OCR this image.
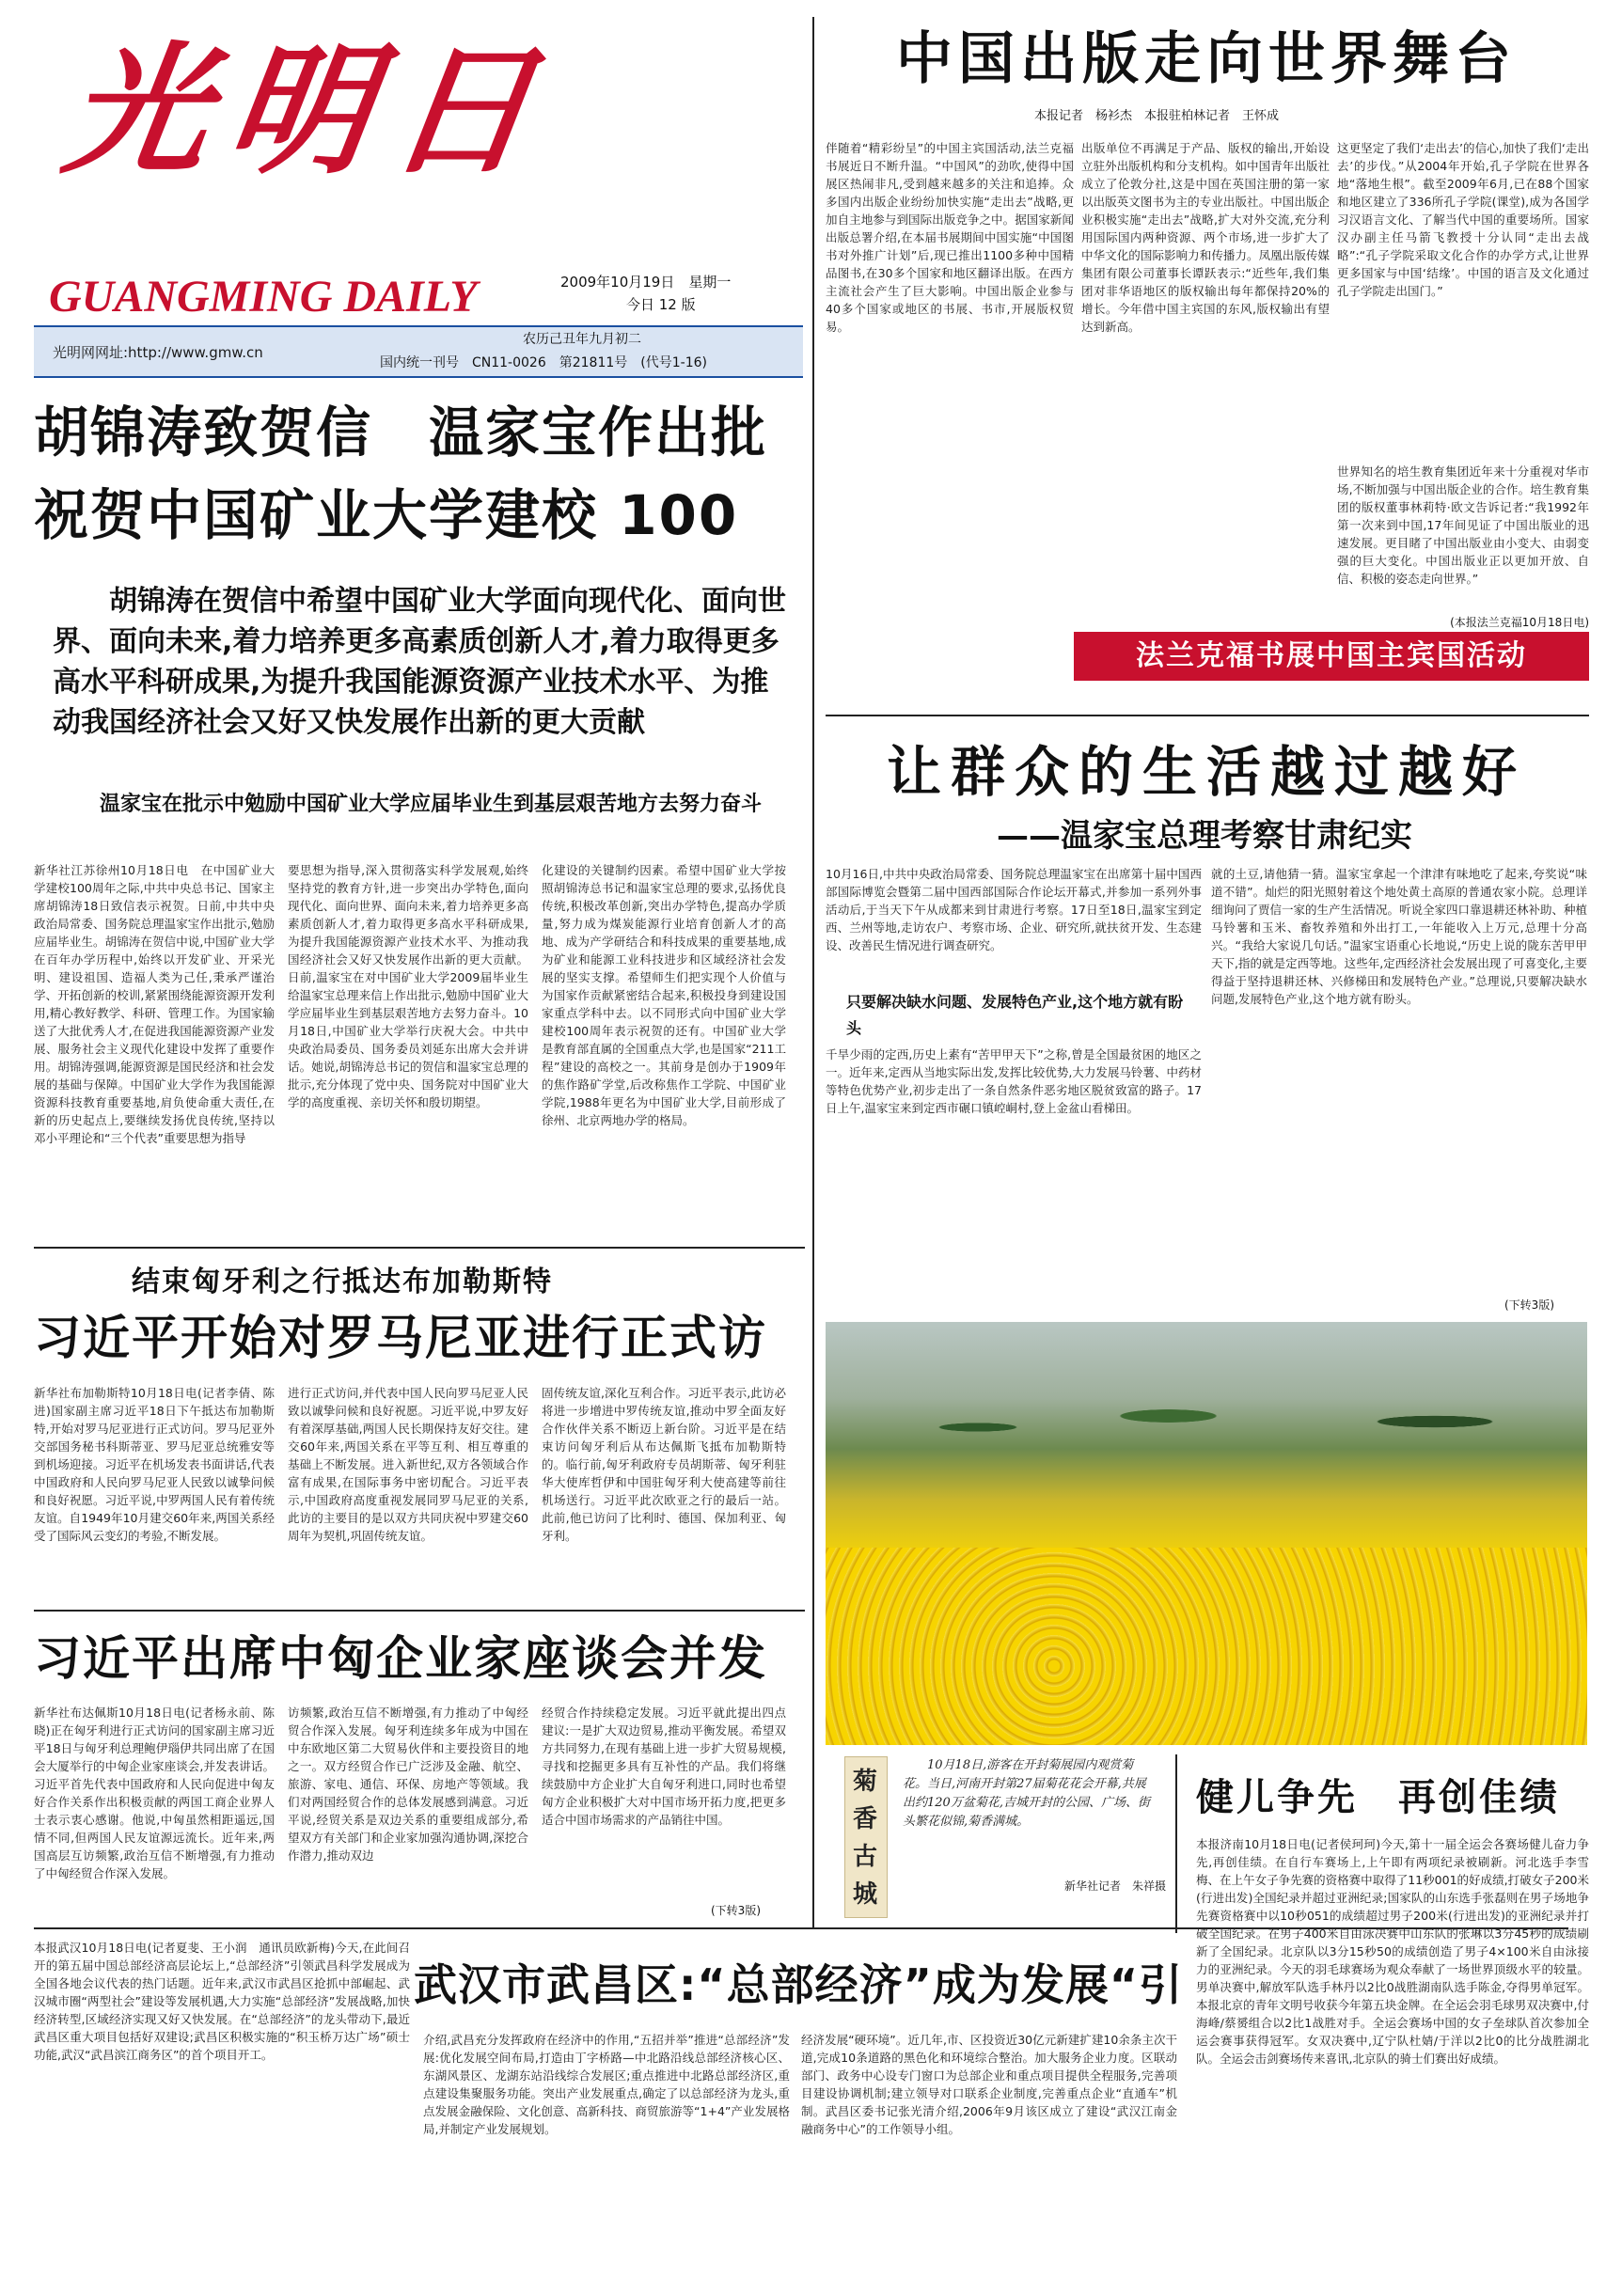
光明日報
GUANGMING DAILY	2009年10月19日　星期一
今日 12 版
光明网网址:http://www.gmw.cn
农历己丑年九月初二
国内统一刊号　CN11-0026　第21811号　(代号1-16)
胡锦涛致贺信　温家宝作出批
祝贺中国矿业大学建校 100
胡锦涛在贺信中希望中国矿业大学面向现代化、面向世界、面向未来,着力培养更多高素质创新人才,着力取得更多高水平科研成果,为提升我国能源资源产业技术水平、为推动我国经济社会又好又快发展作出新的更大贡献
温家宝在批示中勉励中国矿业大学应届毕业生到基层艰苦地方去努力奋斗
新华社江苏徐州10月18日电　在中国矿业大学建校100周年之际,中共中央总书记、国家主席胡锦涛18日致信表示祝贺。日前,中共中央政治局常委、国务院总理温家宝作出批示,勉励应届毕业生。胡锦涛在贺信中说,中国矿业大学在百年办学历程中,始终以开发矿业、开采光明、建设祖国、造福人类为己任,秉承严谨治学、开拓创新的校训,紧紧围绕能源资源开发利用,精心教好教学、科研、管理工作。为国家输送了大批优秀人才,在促进我国能源资源产业发展、服务社会主义现代化建设中发挥了重要作用。胡锦涛强调,能源资源是国民经济和社会发展的基础与保障。中国矿业大学作为我国能源资源科技教育重要基地,肩负使命重大责任,在新的历史起点上,要继续发扬优良传统,坚持以邓小平理论和“三个代表”重要思想为指导
要思想为指导,深入贯彻落实科学发展观,始终坚持党的教育方针,进一步突出办学特色,面向现代化、面向世界、面向未来,着力培养更多高素质创新人才,着力取得更多高水平科研成果,为提升我国能源资源产业技术水平、为推动我国经济社会又好又快发展作出新的更大贡献。日前,温家宝在对中国矿业大学2009届毕业生给温家宝总理来信上作出批示,勉励中国矿业大学应届毕业生到基层艰苦地方去努力奋斗。10月18日,中国矿业大学举行庆祝大会。中共中央政治局委员、国务委员刘延东出席大会并讲话。她说,胡锦涛总书记的贺信和温家宝总理的批示,充分体现了党中央、国务院对中国矿业大学的高度重视、亲切关怀和殷切期望。
化建设的关键制约因素。希望中国矿业大学按照胡锦涛总书记和温家宝总理的要求,弘扬优良传统,积极改革创新,突出办学特色,提高办学质量,努力成为煤炭能源行业培育创新人才的高地、成为产学研结合和科技成果的重要基地,成为矿业和能源工业科技进步和区域经济社会发展的坚实支撑。希望师生们把实现个人价值与为国家作贡献紧密结合起来,积极投身到建设国家重点学科中去。以不同形式向中国矿业大学建校100周年表示祝贺的还有。中国矿业大学是教育部直属的全国重点大学,也是国家“211工程”建设的高校之一。其前身是创办于1909年的焦作路矿学堂,后改称焦作工学院、中国矿业学院,1988年更名为中国矿业大学,目前形成了徐州、北京两地办学的格局。
结束匈牙利之行抵达布加勒斯特
习近平开始对罗马尼亚进行正式访
新华社布加勒斯特10月18日电(记者李倩、陈进)国家副主席习近平18日下午抵达布加勒斯特,开始对罗马尼亚进行正式访问。罗马尼亚外交部国务秘书科斯蒂亚、罗马尼亚总统雅安等到机场迎接。习近平在机场发表书面讲话,代表中国政府和人民向罗马尼亚人民致以诚挚问候和良好祝愿。习近平说,中罗两国人民有着传统友谊。自1949年10月建交60年来,两国关系经受了国际风云变幻的考验,不断发展。
进行正式访问,并代表中国人民向罗马尼亚人民致以诚挚问候和良好祝愿。习近平说,中罗友好有着深厚基础,两国人民长期保持友好交往。建交60年来,两国关系在平等互利、相互尊重的基础上不断发展。进入新世纪,双方各领域合作富有成果,在国际事务中密切配合。习近平表示,中国政府高度重视发展同罗马尼亚的关系,此访的主要目的是以双方共同庆祝中罗建交60周年为契机,巩固传统友谊。
固传统友谊,深化互利合作。习近平表示,此访必将进一步增进中罗传统友谊,推动中罗全面友好合作伙伴关系不断迈上新台阶。习近平是在结束访问匈牙利后从布达佩斯飞抵布加勒斯特的。临行前,匈牙利政府专员胡斯蒂、匈牙利驻华大使库哲伊和中国驻匈牙利大使高建等前往机场送行。习近平此次欧亚之行的最后一站。此前,他已访问了比利时、德国、保加利亚、匈牙利。
习近平出席中匈企业家座谈会并发
新华社布达佩斯10月18日电(记者杨永前、陈晓)正在匈牙利进行正式访问的国家副主席习近平18日与匈牙利总理鲍伊瑙伊共同出席了在国会大厦举行的中匈企业家座谈会,并发表讲话。习近平首先代表中国政府和人民向促进中匈友好合作关系作出积极贡献的两国工商企业界人士表示衷心感谢。他说,中匈虽然相距遥远,国情不同,但两国人民友谊源远流长。近年来,两国高层互访频繁,政治互信不断增强,有力推动了中匈经贸合作深入发展。
访频繁,政治互信不断增强,有力推动了中匈经贸合作深入发展。匈牙利连续多年成为中国在中东欧地区第二大贸易伙伴和主要投资目的地之一。双方经贸合作已广泛涉及金融、航空、旅游、家电、通信、环保、房地产等领域。我们对两国经贸合作的总体发展感到满意。习近平说,经贸关系是双边关系的重要组成部分,希望双方有关部门和企业家加强沟通协调,深挖合作潜力,推动双边
经贸合作持续稳定发展。习近平就此提出四点建议:一是扩大双边贸易,推动平衡发展。希望双方共同努力,在现有基础上进一步扩大贸易规模,寻找和挖掘更多具有互补性的产品。我们将继续鼓励中方企业扩大自匈牙利进口,同时也希望匈方企业积极扩大对中国市场开拓力度,把更多适合中国市场需求的产品销往中国。
(下转3版)
本报武汉10月18日电(记者夏斐、王小润　通讯员欧新梅)今天,在此间召开的第五届中国总部经济高层论坛上,“总部经济”引领武昌科学发展成为全国各地会议代表的热门话题。近年来,武汉市武昌区抢抓中部崛起、武汉城市圈“两型社会”建设等发展机遇,大力实施“总部经济”发展战略,加快经济转型,区域经济实现又好又快发展。在“总部经济”的龙头带动下,最近武昌区重大项目包括好双建设;武昌区积极实施的“积玉桥万达广场”硕士功能,武汉“武昌滨江商务区”的首个项目开工。
武汉市武昌区:“总部经济”成为发展“引
介绍,武昌充分发挥政府在经济中的作用,“五招并举”推进“总部经济”发展:优化发展空间布局,打造由丁字桥路—中北路沿线总部经济核心区、东湖风景区、龙湖东站沿线综合发展区;重点推进中北路总部经济区,重点建设集聚服务功能。突出产业发展重点,确定了以总部经济为龙头,重点发展金融保险、文化创意、高新科技、商贸旅游等“1+4”产业发展格局,并制定产业发展规划。
经济发展“硬环境”。近几年,市、区投资近30亿元新建扩建10余条主次干道,完成10条道路的黑色化和环境综合整治。加大服务企业力度。区联动部门、政务中心设专门窗口为总部企业和重点项目提供全程服务,完善项目建设协调机制;建立领导对口联系企业制度,完善重点企业“直通车”机制。武昌区委书记张光清介绍,2006年9月该区成立了建设“武汉江南金融商务中心”的工作领导小组。
中国出版走向世界舞台
本报记者　杨衫杰　本报驻柏林记者　王怀成
伴随着“精彩纷呈”的中国主宾国活动,法兰克福书展近日不断升温。“中国风”的劲吹,使得中国展区热闹非凡,受到越来越多的关注和追捧。众多国内出版企业纷纷加快实施“走出去”战略,更加自主地参与到国际出版竞争之中。据国家新闻出版总署介绍,在本届书展期间中国实施“中国图书对外推广计划”后,现已推出1100多种中国精品图书,在30多个国家和地区翻译出版。在西方主流社会产生了巨大影响。中国出版企业参与40多个国家或地区的书展、书市,开展版权贸易。
出版单位不再满足于产品、版权的输出,开始设立驻外出版机构和分支机构。如中国青年出版社成立了伦敦分社,这是中国在英国注册的第一家以出版英文图书为主的专业出版社。中国出版企业积极实施“走出去”战略,扩大对外交流,充分利用国际国内两种资源、两个市场,进一步扩大了中华文化的国际影响力和传播力。凤凰出版传媒集团有限公司董事长谭跃表示:“近些年,我们集团对非华语地区的版权输出每年都保持20%的增长。今年借中国主宾国的东风,版权输出有望达到新高。
这更坚定了我们‘走出去’的信心,加快了我们‘走出去’的步伐。”从2004年开始,孔子学院在世界各地“落地生根”。截至2009年6月,已在88个国家和地区建立了336所孔子学院(课堂),成为各国学习汉语言文化、了解当代中国的重要场所。国家汉办副主任马箭飞教授十分认同“走出去战略”:“孔子学院采取文化合作的办学方式,让世界更多国家与中国‘结缘’。中国的语言及文化通过孔子学院走出国门。”
世界知名的培生教育集团近年来十分重视对华市场,不断加强与中国出版企业的合作。培生教育集团的版权董事林莉特·欧文告诉记者:“我1992年第一次来到中国,17年间见证了中国出版业的迅速发展。更目睹了中国出版业由小变大、由弱变强的巨大变化。中国出版业正以更加开放、自信、积极的姿态走向世界。”
(本报法兰克福10月18日电)
法兰克福书展中国主宾国活动
让群众的生活越过越好
——温家宝总理考察甘肃纪实
10月16日,中共中央政治局常委、国务院总理温家宝在出席第十届中国西部国际博览会暨第二届中国西部国际合作论坛开幕式,并参加一系列外事活动后,于当天下午从成都来到甘肃进行考察。17日至18日,温家宝到定西、兰州等地,走访农户、考察市场、企业、研究所,就扶贫开发、生态建设、改善民生情况进行调查研究。
只要解决缺水问题、发展特色产业,这个地方就有盼头
千旱少雨的定西,历史上素有“苦甲甲天下”之称,曾是全国最贫困的地区之一。近年来,定西从当地实际出发,发挥比较优势,大力发展马铃薯、中药材等特色优势产业,初步走出了一条自然条件恶劣地区脱贫致富的路子。17日上午,温家宝来到定西市碾口镇崆峒村,登上金盆山看梯田。
就的土豆,请他猜一猜。温家宝拿起一个津津有味地吃了起来,夸奖说“味道不错”。灿烂的阳光照射着这个地处黄土高原的普通农家小院。总理详细询问了贾信一家的生产生活情况。听说全家四口靠退耕还林补助、种植马铃薯和玉米、畜牧养殖和外出打工,一年能收入上万元,总理十分高兴。“我给大家说几句话。”温家宝语重心长地说,“历史上说的陇东苦甲甲天下,指的就是定西等地。这些年,定西经济社会发展出现了可喜变化,主要得益于坚持退耕还林、兴修梯田和发展特色产业。”总理说,只要解决缺水问题,发展特色产业,这个地方就有盼头。
(下转3版)
菊香古城
10月18日,游客在开封菊展园内观赏菊花。当日,河南开封第27届菊花花会开幕,共展出约120万盆菊花,吉城开封的公园、广场、街头繁花似锦,菊香满城。
新华社记者　朱祥摄
健儿争先　再创佳绩
本报济南10月18日电(记者侯珂珂)今天,第十一届全运会各赛场健儿奋力争先,再创佳绩。在自行车赛场上,上午即有两项纪录被刷新。河北选手李雪梅、在上午女子争先赛的资格赛中取得了11秒001的好成绩,打破女子200米(行进出发)全国纪录并超过亚洲纪录;国家队的山东选手张磊则在男子场地争先赛资格赛中以10秒051的成绩超过男子200米(行进出发)的亚洲纪录并打破全国纪录。在男子400米自由泳决赛中山东队的张琳以3分45秒的成绩刷新了全国纪录。北京队以3分15秒50的成绩创造了男子4×100米自由泳接力的亚洲纪录。今天的羽毛球赛场为观众奉献了一场世界顶级水平的较量。男单决赛中,解放军队选手林丹以2比0战胜湖南队选手陈金,夺得男单冠军。本报北京的青年文明号收获今年第五块金牌。在全运会羽毛球男双决赛中,付海峰/蔡赟组合以2比1战胜对手。全运会赛场中国的女子垒球队首次参加全运会赛事获得冠军。女双决赛中,辽宁队杜婧/于洋以2比0的比分战胜湖北队。全运会击剑赛场传来喜讯,北京队的骑士们赛出好成绩。
